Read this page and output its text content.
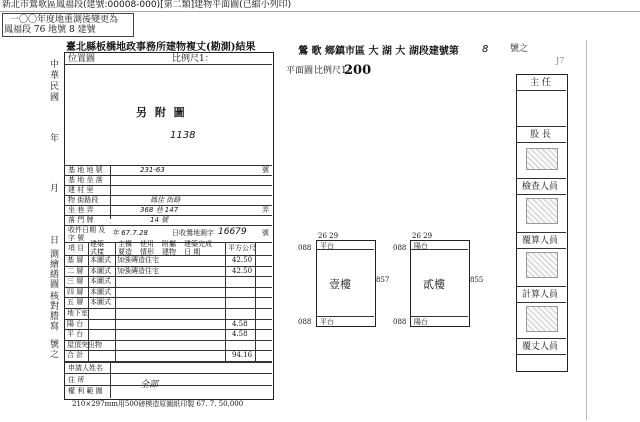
新北市鶯歌區鳳福段(建號:00008-000)[第二類]建物平面圖(已縮小列印)
一〇〇年度地重測後變更為
鳳福段 76 地號 8 建號
臺北縣板橋地政事務所建物複丈(勘測)結果
中華民國
年
月
日
測繪
繕圖
核對
謄寫
號之
位置圖	比例尺1：
另 附 圖
1138
基 地 地 號	231-63	號
基 地 坐 落
建 村 里
物 街路段	鳳佳 街路
坐 巷 弄	368 巷 147	弄
落 門 牌	14 號
收件日期 及 字 號
年 67.7.28	日收鶯地測字 16679 號
項 目 建築 式樣
主構 要造
使用 情形
附屬 建物
建築完成 日 期	平方公尺
基 層 本圖式 加強磚造住宅	42.50
二 層 本圖式 加強磚造住宅	42.50
三 層 本圖式
四 層 本圖式
五 層 本圖式
地下室
陽 台	4.58
平 台	4.58
屋頂突出物
合 計	94.16
申請人姓名
住 所	全部
權 利 範 圍
210×297mm用500磅模造原圖紙印製 67. 7. 50,000
鶯 歌 鄉鎮市區 大 湖 大 湖段建號第 8 號之
J7
平面圖 比例尺1：
200
26 29
088 平台
壹樓	857
088 平台
26 29
088 陽台
貳樓	855
088 陽台
主 任
股 長
檢查人員
覆算人員
計算人員
覆丈人員
